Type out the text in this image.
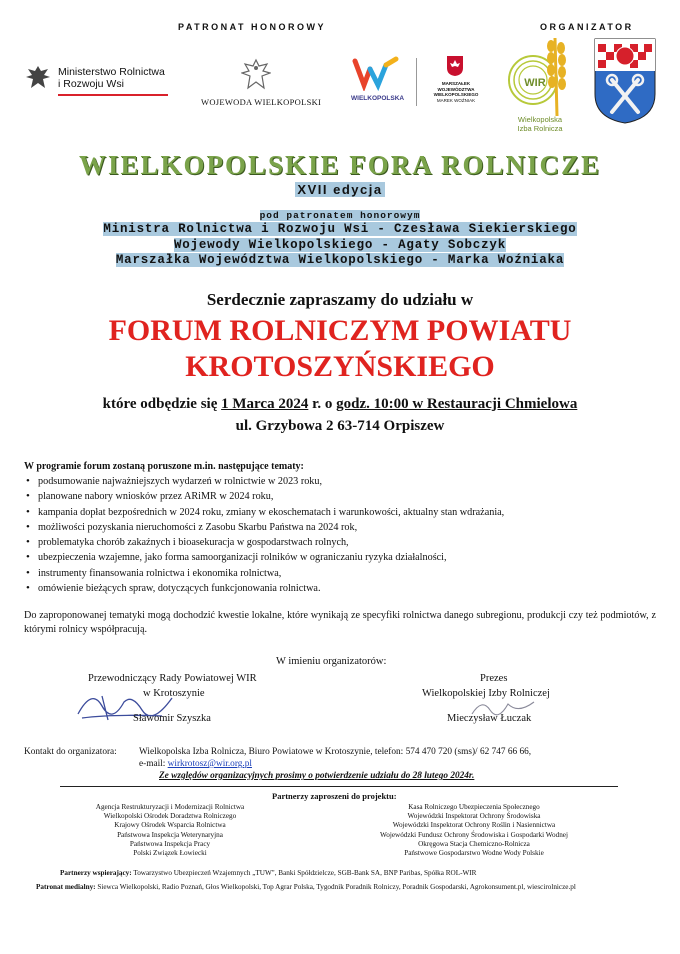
PATRONAT HONOROWY	ORGANIZATOR
Ministerstwo Rolnictwa
i Rozwoju Wsi
WOJEWODA WIELKOPOLSKI	WIELKOPOLSKA
MARSZAŁEK
WOJEWÓDZTWA
WIELKOPOLSKIEGO
MAREK WOŹNIAK
WIR
Wielkopolska
Izba Rolnicza
WIELKOPOLSKIE FORA ROLNICZE
XVII edycja
pod patronatem honorowym
Ministra Rolnictwa i Rozwoju Wsi - Czesława Siekierskiego
Wojewody Wielkopolskiego - Agaty Sobczyk
Marszałka Województwa Wielkopolskiego - Marka Woźniaka
Serdecznie zapraszamy do udziału w
FORUM ROLNICZYM POWIATU
KROTOSZYŃSKIEGO
które odbędzie się 1 Marca 2024 r. o godz. 10:00 w Restauracji Chmielowa
ul. Grzybowa 2 63-714 Orpiszew
W programie forum zostaną poruszone m.in. następujące tematy:
• podsumowanie najważniejszych wydarzeń w rolnictwie w 2023 roku,
• planowane nabory wniosków przez ARiMR w 2024 roku,
• kampania dopłat bezpośrednich w 2024 roku, zmiany w ekoschematach i warunkowości, aktualny stan wdrażania,
• możliwości pozyskania nieruchomości z Zasobu Skarbu Państwa na 2024 rok,
• problematyka chorób zakaźnych i bioasekuracja w gospodarstwach rolnych,
• ubezpieczenia wzajemne, jako forma samoorganizacji rolników w ograniczaniu ryzyka działalności,
• instrumenty finansowania rolnictwa i ekonomika rolnictwa,
• omówienie bieżących spraw, dotyczących funkcjonowania rolnictwa.
Do zaproponowanej tematyki mogą dochodzić kwestie lokalne, które wynikają ze specyfiki rolnictwa danego subregionu, produkcji czy też podmiotów, z którymi rolnicy współpracują.
W imieniu organizatorów:
Przewodniczący Rady Powiatowej WIR
w Krotoszynie
Sławomir Szyszka
Prezes
Wielkopolskiej Izby Rolniczej
Mieczysław Łuczak
Kontakt do organizatora: Wielkopolska Izba Rolnicza, Biuro Powiatowe w Krotoszynie, telefon: 574 470 720 (sms)/ 62 747 66 66,
e-mail: wirkrotosz@wir.org.pl
Ze względów organizacyjnych prosimy o potwierdzenie udziału do 28 lutego 2024r.
Partnerzy zaproszeni do projektu:
Agencja Restrukturyzacji i Modernizacji Rolnictwa
Wielkopolski Ośrodek Doradztwa Rolniczego
Krajowy Ośrodek Wsparcia Rolnictwa
Państwowa Inspekcja Weterynaryjna
Państwowa Inspekcja Pracy
Polski Związek Łowiecki
Kasa Rolniczego Ubezpieczenia Społecznego
Wojewódzki Inspektorat Ochrony Środowiska
Wojewódzki Inspektorat Ochrony Roślin i Nasiennictwa
Wojewódzki Fundusz Ochrony Środowiska i Gospodarki Wodnej
Okręgowa Stacja Chemiczno-Rolnicza
Państwowe Gospodarstwo Wodne Wody Polskie
Partnerzy wspierający: Towarzystwo Ubezpieczeń Wzajemnych „TUW", Banki Spółdzielcze, SGB-Bank SA, BNP Paribas, Spółka ROL-WIR
Patronat medialny: Siewca Wielkopolski, Radio Poznań, Głos Wielkopolski, Top Agrar Polska, Tygodnik Poradnik Rolniczy, Poradnik Gospodarski, Agrokonsument.pl, wiescirolnicze.pl
